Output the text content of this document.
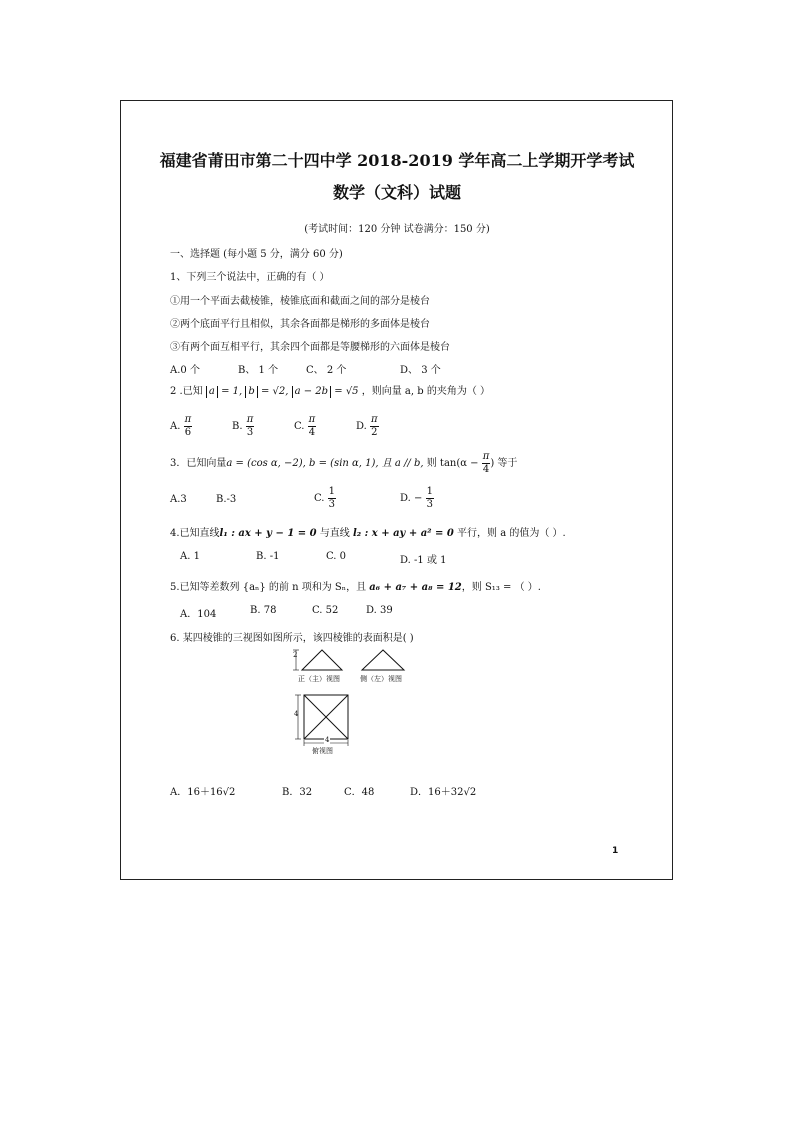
福建省莆田市第二十四中学 2018-2019 学年高二上学期开学考试
数学（文科）试题
(考试时间：120 分钟 试卷满分：150 分)
一、选择题 (每小题 5 分，满分 60 分)
1、下列三个说法中，正确的有（ ）
①用一个平面去截棱锥，棱锥底面和截面之间的部分是棱台
②两个底面平行且相似，其余各面都是梯形的多面体是棱台
③有两个面互相平行，其余四个面都是等腰梯形的六面体是棱台
A.0 个	B、 1 个	C、 2 个	D、 3 个
2 .已知 a = 1, b = √2, a − 2b = √5 ，则向量 a, b 的夹角为（ ）
A. $\frac{\pi}{6}$	B. $\frac{\pi}{3}$	C. $\frac{\pi}{4}$	D. $\frac{\pi}{2}$
3．已知向量a = (cos α, −2), b = (sin α, 1), 且 a // b, 则 $\tan(\alpha - \frac{\pi}{4}$ ) 等于
A.3	B.-3	C. $\frac{1}{3}$	D. − $\frac{1}{3}$
4.已知直线l₁ : ax + y − 1 = 0 与直线 l₂ : x + ay + a² = 0 平行，则 a 的值为（ ）.
A. 1	B. -1	C. 0	D. -1 或 1
5.已知等差数列 {aₙ} 的前 n 项和为 Sₙ，且 a₆ + a₇ + a₈ = 12，则 S₁₃ = （ ）.
A．104	B. 78	C. 52	D. 39
6. 某四棱锥的三视图如图所示，该四棱锥的表面积是( )
2
4
4
正（主）视图	侧（左）视图
俯视图
A．16＋16√2	B．32	C．48	D．16＋32√2
1
